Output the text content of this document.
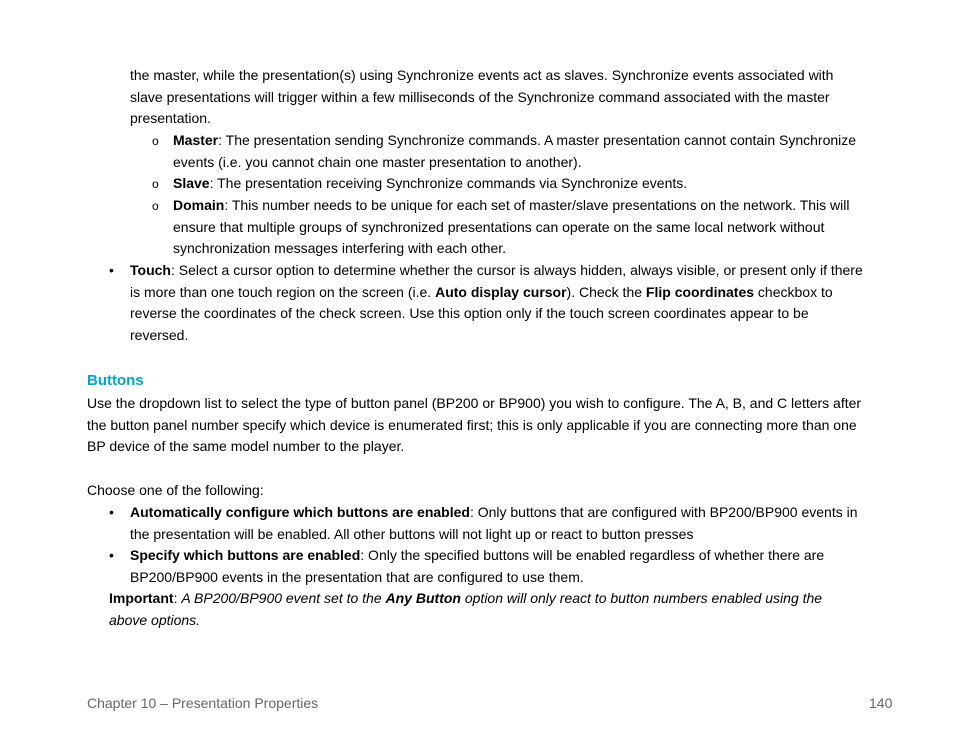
the master, while the presentation(s) using Synchronize events act as slaves. Synchronize events associated with slave presentations will trigger within a few milliseconds of the Synchronize command associated with the master presentation.

o Master: The presentation sending Synchronize commands. A master presentation cannot contain Synchronize events (i.e. you cannot chain one master presentation to another).

o Slave: The presentation receiving Synchronize commands via Synchronize events.

o Domain: This number needs to be unique for each set of master/slave presentations on the network. This will ensure that multiple groups of synchronized presentations can operate on the same local network without synchronization messages interfering with each other.

• Touch: Select a cursor option to determine whether the cursor is always hidden, always visible, or present only if there is more than one touch region on the screen (i.e. Auto display cursor). Check the Flip coordinates checkbox to reverse the coordinates of the check screen. Use this option only if the touch screen coordinates appear to be reversed.

Buttons

Use the dropdown list to select the type of button panel (BP200 or BP900) you wish to configure. The A, B, and C letters after the button panel number specify which device is enumerated first; this is only applicable if you are connecting more than one BP device of the same model number to the player.

Choose one of the following:

• Automatically configure which buttons are enabled: Only buttons that are configured with BP200/BP900 events in the presentation will be enabled. All other buttons will not light up or react to button presses

• Specify which buttons are enabled: Only the specified buttons will be enabled regardless of whether there are BP200/BP900 events in the presentation that are configured to use them.

Important: A BP200/BP900 event set to the Any Button option will only react to button numbers enabled using the above options.

Chapter 10 – Presentation Properties	140
